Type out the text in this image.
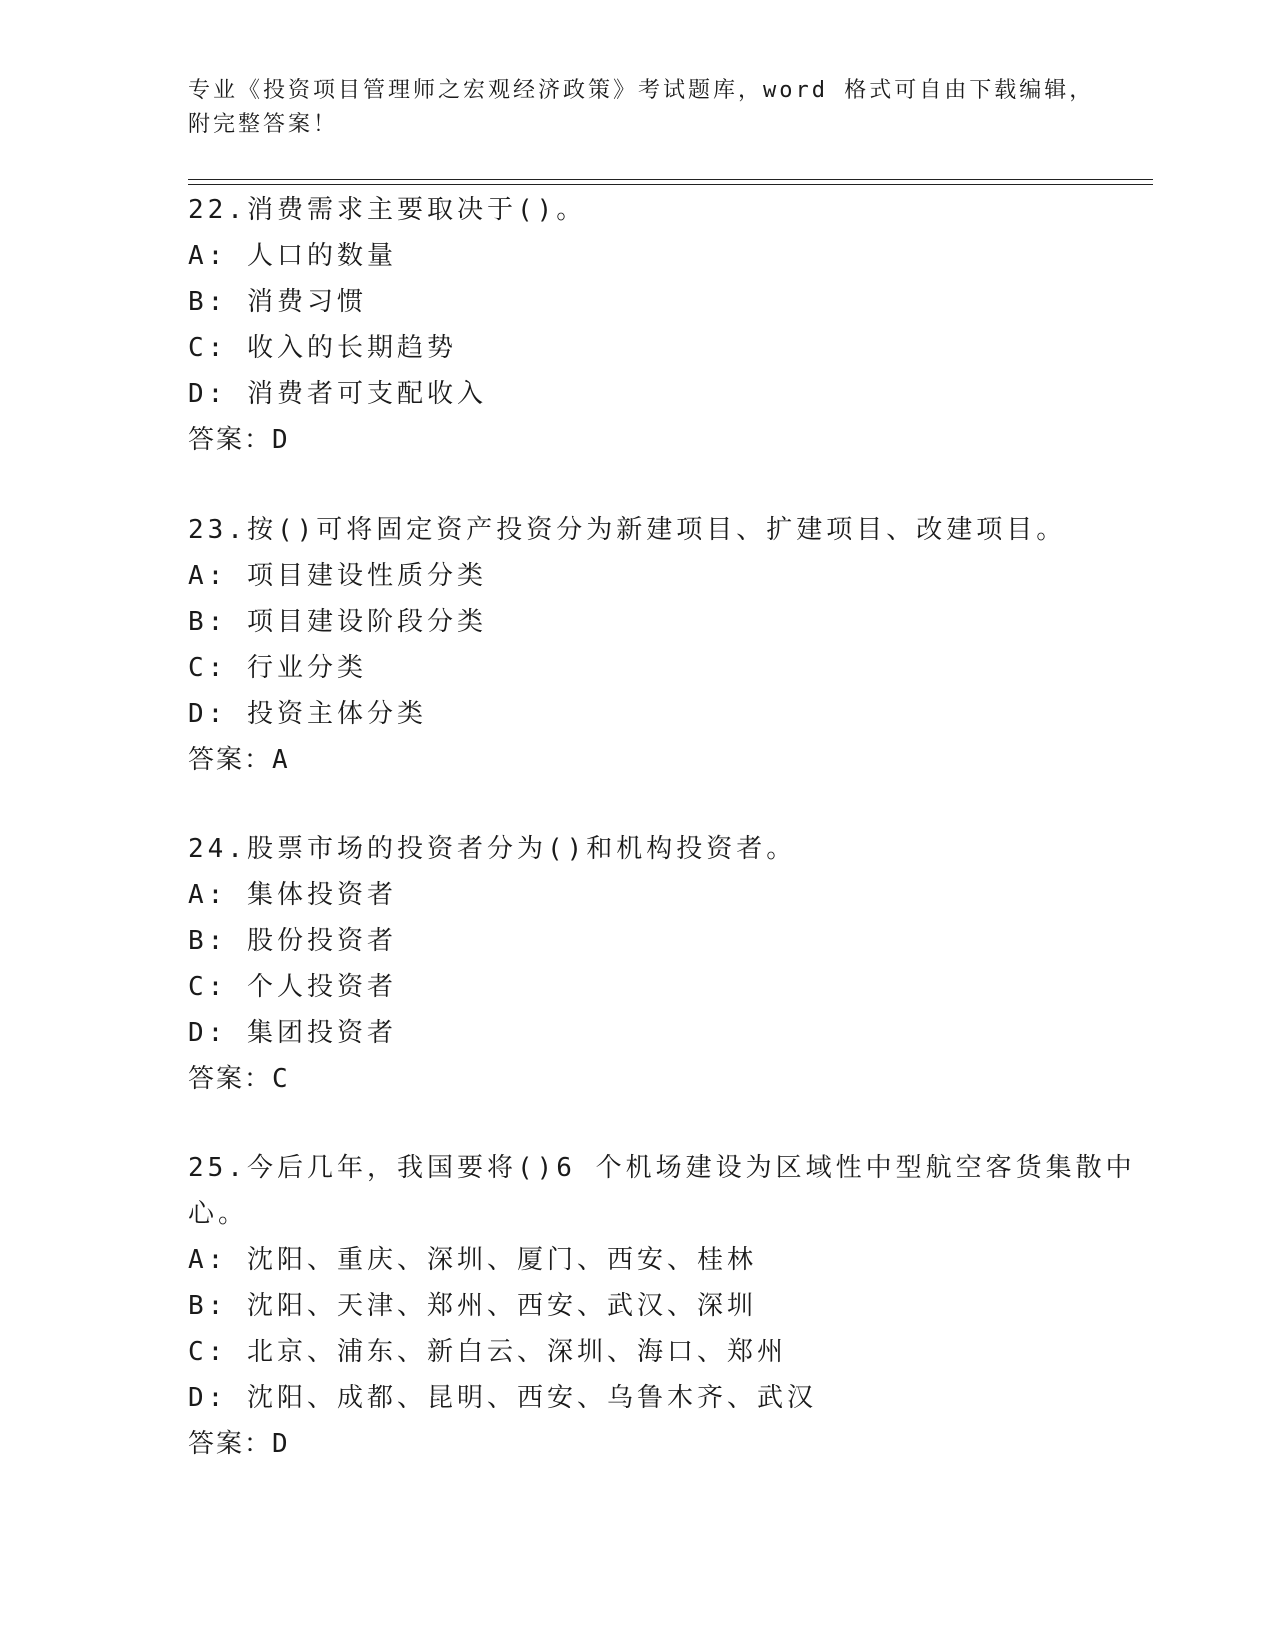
专业《投资项目管理师之宏观经济政策》考试题库，word 格式可自由下载编辑，
附完整答案！
22.消费需求主要取决于()。
A: 人口的数量
B: 消费习惯
C: 收入的长期趋势
D: 消费者可支配收入
答案：D
23.按()可将固定资产投资分为新建项目、扩建项目、改建项目。
A: 项目建设性质分类
B: 项目建设阶段分类
C: 行业分类
D: 投资主体分类
答案：A
24.股票市场的投资者分为()和机构投资者。
A: 集体投资者
B: 股份投资者
C: 个人投资者
D: 集团投资者
答案：C
25.今后几年，我国要将()6 个机场建设为区域性中型航空客货集散中
心。
A: 沈阳、重庆、深圳、厦门、西安、桂林
B: 沈阳、天津、郑州、西安、武汉、深圳
C: 北京、浦东、新白云、深圳、海口、郑州
D: 沈阳、成都、昆明、西安、乌鲁木齐、武汉
答案：D
